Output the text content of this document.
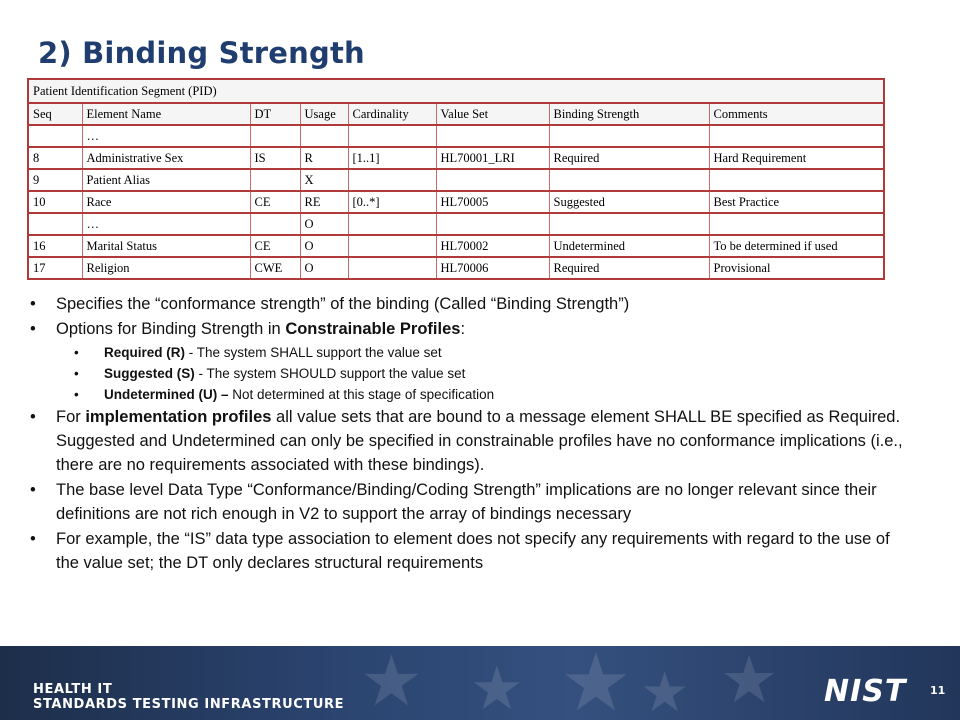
2) Binding Strength
Patient Identification Segment (PID)							
Seq	Element Name	DT	Usage	Cardinality	Value Set	Binding Strength	Comments
	…						
8	Administrative Sex	IS	R	[1..1]	HL70001_LRI	Required	Hard Requirement
9	Patient Alias		X				
10	Race	CE	RE	[0..*]	HL70005	Suggested	Best Practice
	…		O				
16	Marital Status	CE	O		HL70002	Undetermined	To be determined if used
17	Religion	CWE	O		HL70006	Required	Provisional
•	Specifies the “conformance strength” of the binding (Called “Binding Strength”)
•	Options for Binding Strength in Constrainable Profiles:
•	Required (R) - The system SHALL support the value set
•	Suggested (S) - The system SHOULD support the value set
•	Undetermined (U) – Not determined at this stage of specification
•	For implementation profiles all value sets that are bound to a message element SHALL BE specified as Required. Suggested and Undetermined can only be specified in constrainable profiles have no conformance implications (i.e., there are no requirements associated with these bindings).
•	The base level Data Type “Conformance/Binding/Coding Strength” implications are no longer relevant since their definitions are not rich enough in V2 to support the array of bindings necessary
•	For example, the “IS” data type association to element does not specify any requirements with regard to the use of the value set; the DT only declares structural requirements
★ ★ ★ ★ ★
HEALTH IT
STANDARDS TESTING INFRASTRUCTURE	NIST 11
